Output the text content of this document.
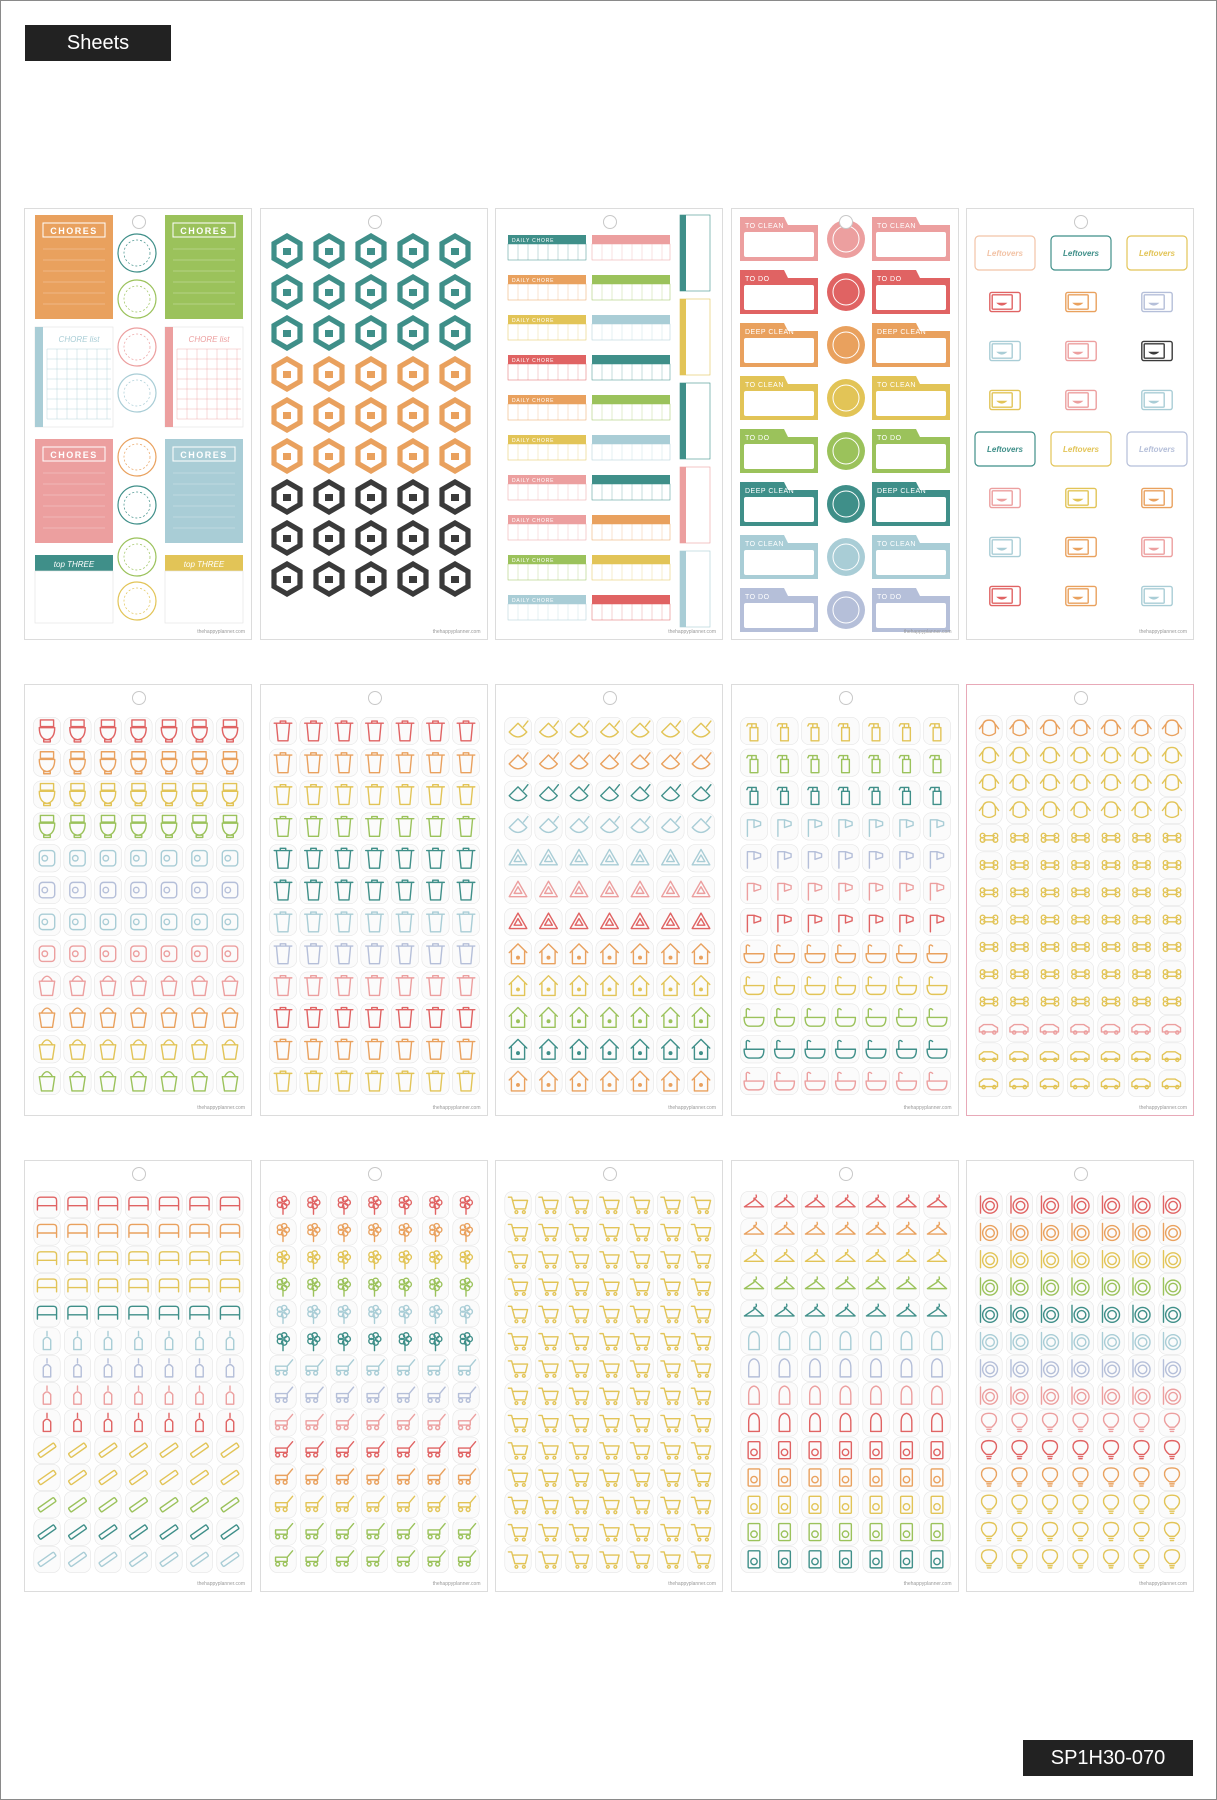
Sheets
CHORES	CHORES
CHORES	CHORES
CHORE list	CHORE list
top THREE	top THREE
thehappyplanner.com	thehappyplanner.com
DAILY CHORE
DAILY CHORE
DAILY CHORE
DAILY CHORE
DAILY CHORE
DAILY CHORE
DAILY CHORE
DAILY CHORE
DAILY CHORE
DAILY CHORE
thehappyplanner.com
TO CLEAN	TO CLEAN
TO DO	TO DO
DEEP CLEAN	DEEP CLEAN
TO CLEAN	TO CLEAN
TO DO	TO DO
DEEP CLEAN	DEEP CLEAN
TO CLEAN	TO CLEAN
TO DO	TO DO
thehappyplanner.com
Leftovers	Leftovers	Leftovers
Leftovers	Leftovers	Leftovers
thehappyplanner.com
thehappyplanner.com	thehappyplanner.com	thehappyplanner.com	thehappyplanner.com	thehappyplanner.com
thehappyplanner.com	thehappyplanner.com	thehappyplanner.com	thehappyplanner.com	thehappyplanner.com
SP1H30-070
